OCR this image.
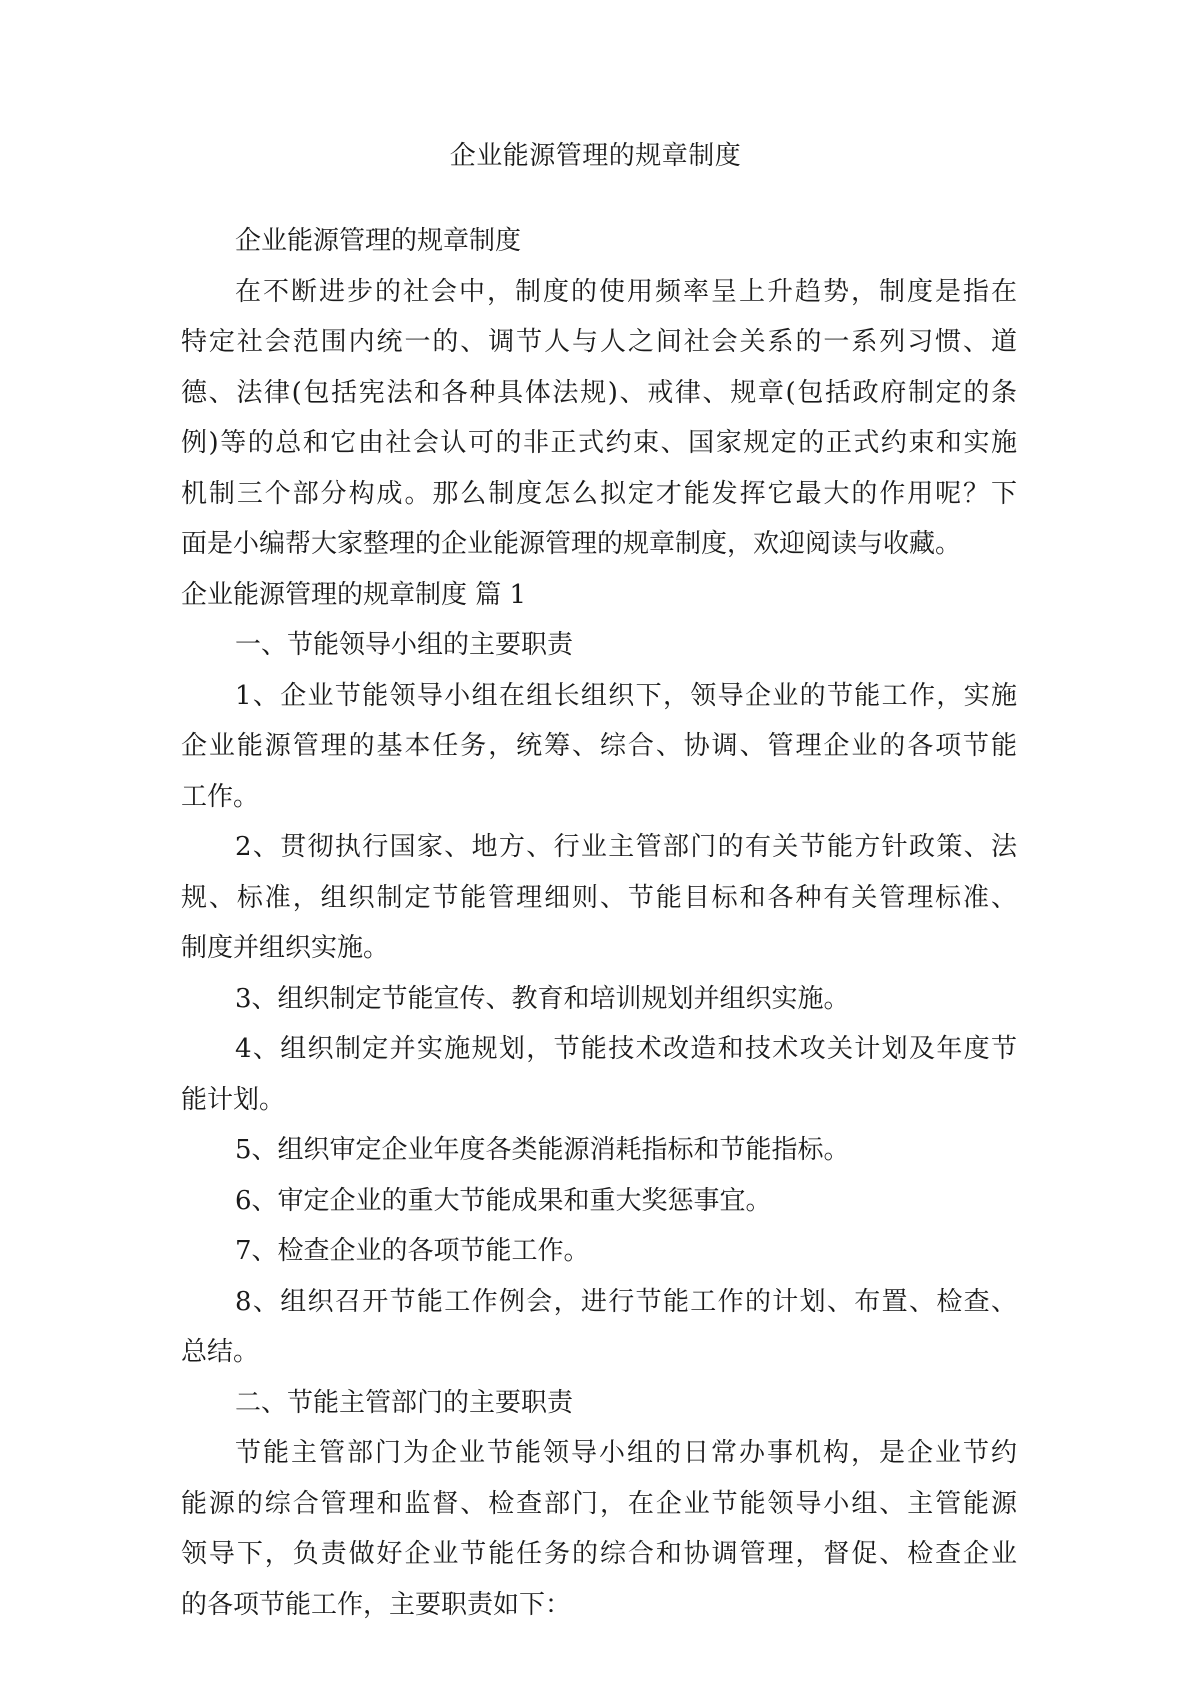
企业能源管理的规章制度
企业能源管理的规章制度
在不断进步的社会中，制度的使用频率呈上升趋势，制度是指在
特定社会范围内统一的、调节人与人之间社会关系的一系列习惯、道
德、法律(包括宪法和各种具体法规)、戒律、规章(包括政府制定的条
例)等的总和它由社会认可的非正式约束、国家规定的正式约束和实施
机制三个部分构成。那么制度怎么拟定才能发挥它最大的作用呢？下
面是小编帮大家整理的企业能源管理的规章制度，欢迎阅读与收藏。
企业能源管理的规章制度 篇 1
一、节能领导小组的主要职责
1、企业节能领导小组在组长组织下，领导企业的节能工作，实施
企业能源管理的基本任务，统筹、综合、协调、管理企业的各项节能
工作。
2、贯彻执行国家、地方、行业主管部门的有关节能方针政策、法
规、标准，组织制定节能管理细则、节能目标和各种有关管理标准、
制度并组织实施。
3、组织制定节能宣传、教育和培训规划并组织实施。
4、组织制定并实施规划，节能技术改造和技术攻关计划及年度节
能计划。
5、组织审定企业年度各类能源消耗指标和节能指标。
6、审定企业的重大节能成果和重大奖惩事宜。
7、检查企业的各项节能工作。
8、组织召开节能工作例会，进行节能工作的计划、布置、检查、
总结。
二、节能主管部门的主要职责
节能主管部门为企业节能领导小组的日常办事机构，是企业节约
能源的综合管理和监督、检查部门，在企业节能领导小组、主管能源
领导下，负责做好企业节能任务的综合和协调管理，督促、检查企业
的各项节能工作，主要职责如下：
